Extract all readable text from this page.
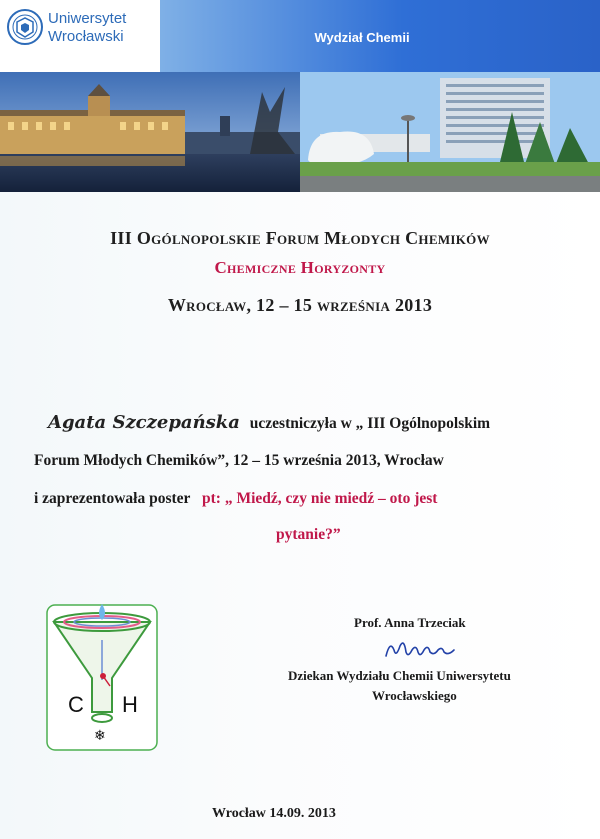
Uniwersytet
Wrocławski	Wydział Chemii
III Ogólnopolskie Forum Młodych Chemików
Chemiczne Horyzonty
Wrocław, 12 – 15 września 2013
Agata Szczepańska uczestniczyła w „ III Ogólnopolskim
Forum Młodych Chemików”, 12 – 15 września 2013, Wrocław
i zaprezentowała poster pt: „ Miedź, czy nie miedź – oto jest
pytanie?”
C H
❄
Prof. Anna Trzeciak
Dziekan Wydziału Chemii Uniwersytetu
Wrocławskiego
Wrocław 14.09. 2013
